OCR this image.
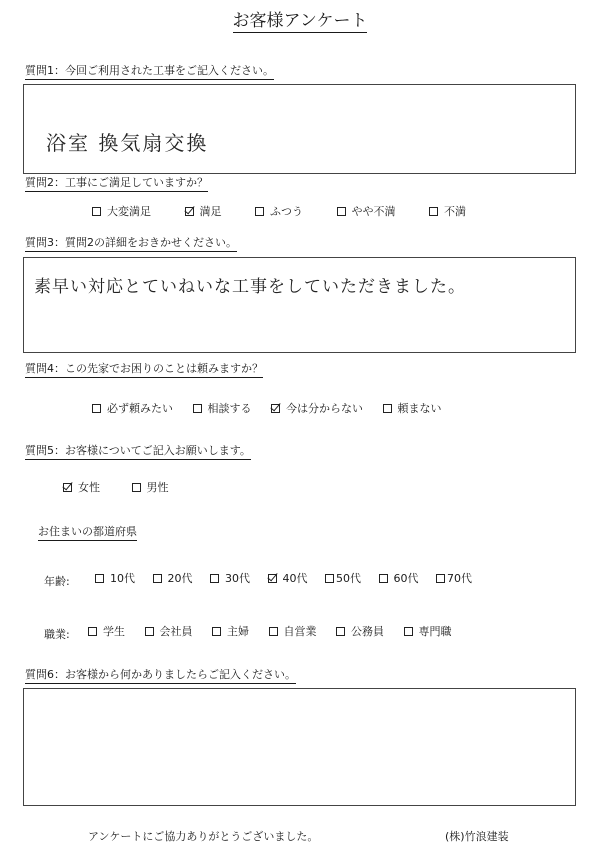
お客様アンケート
質問1：今回ご利用された工事をご記入ください。
浴室 換気扇交換
質問2：工事にご満足していますか？
大変満足	満足	ふつう	やや不満	不満
質問3：質問2の詳細をおきかせください。
素早い対応とていねいな工事をしていただきました。
質問4：この先家でお困りのことは頼みますか？
必ず頼みたい	相談する	今は分からない	頼まない
質問5：お客様についてご記入お願いします。
女性	男性
お住まいの都道府県
年齢:	10代	20代	30代	40代	50代	60代	70代
職業:	学生	会社員	主婦	自営業	公務員	専門職
質問6：お客様から何かありましたらご記入ください。
アンケートにご協力ありがとうございました。	(株)竹浪建装
